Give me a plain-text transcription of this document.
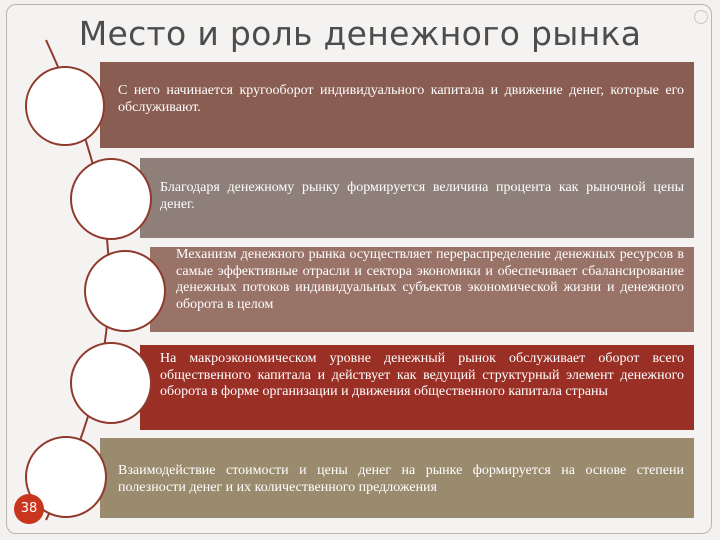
Место и роль денежного рынка
С него начинается кругооборот индивидуального капитала и движение денег, которые его обслуживают.
Благодаря денежному рынку формируется величина процента как рыночной цены денег.
Механизм денежного рынка осуществляет перераспределение денежных ресурсов в самые эффективные отрасли и сектора экономики и обеспечивает сбалансирование денежных потоков индивидуальных субъектов экономической жизни и денежного оборота в целом
На макроэкономическом уровне денежный рынок обслуживает оборот всего общественного капитала и действует как ведущий структурный элемент денежного оборота в форме организации и движения общественного капитала страны
Взаимодействие стоимости и цены денег на рынке формируется на основе степени полезности денег и их количественного предложения
38
